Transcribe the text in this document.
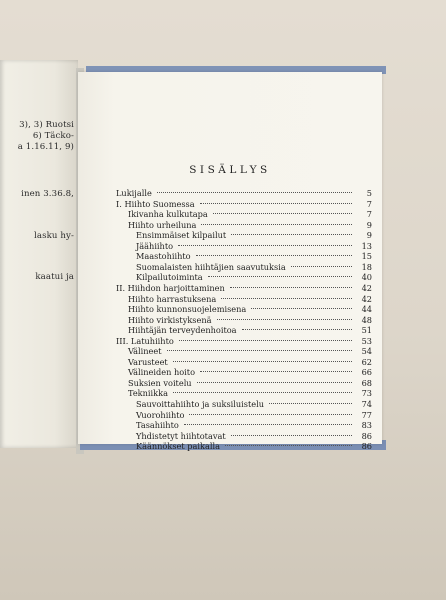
3), 3) Ruotsi
6) Täcko-
a 1.16.11, 9)
inen 3.36.8,
lasku hy-
kaatui ja
SISÄLLYS
Lukijalle	5
I. Hiihto Suomessa	7
Ikivanha kulkutapa	7
Hiihto urheiluna	9
Ensimmäiset kilpailut	9
Jäähiihto	13
Maastohiihto	15
Suomalaisten hiihtäjien saavutuksia	18
Kilpailutoiminta	40
II. Hiihdon harjoittaminen	42
Hiihto harrastuksena	42
Hiihto kunnonsuojelemisena	44
Hiihto virkistyksenä	48
Hiihtäjän terveydenhoitoa	51
III. Latuhiihto	53
Välineet	54
Varusteet	62
Välineiden hoito	66
Suksien voitelu	68
Tekniikka	73
Sauvoittahiihto ja suksiluistelu	74
Vuorohiihto	77
Tasahiihto	83
Yhdistetyt hiihtotavat	86
Käännökset paikalla	86
